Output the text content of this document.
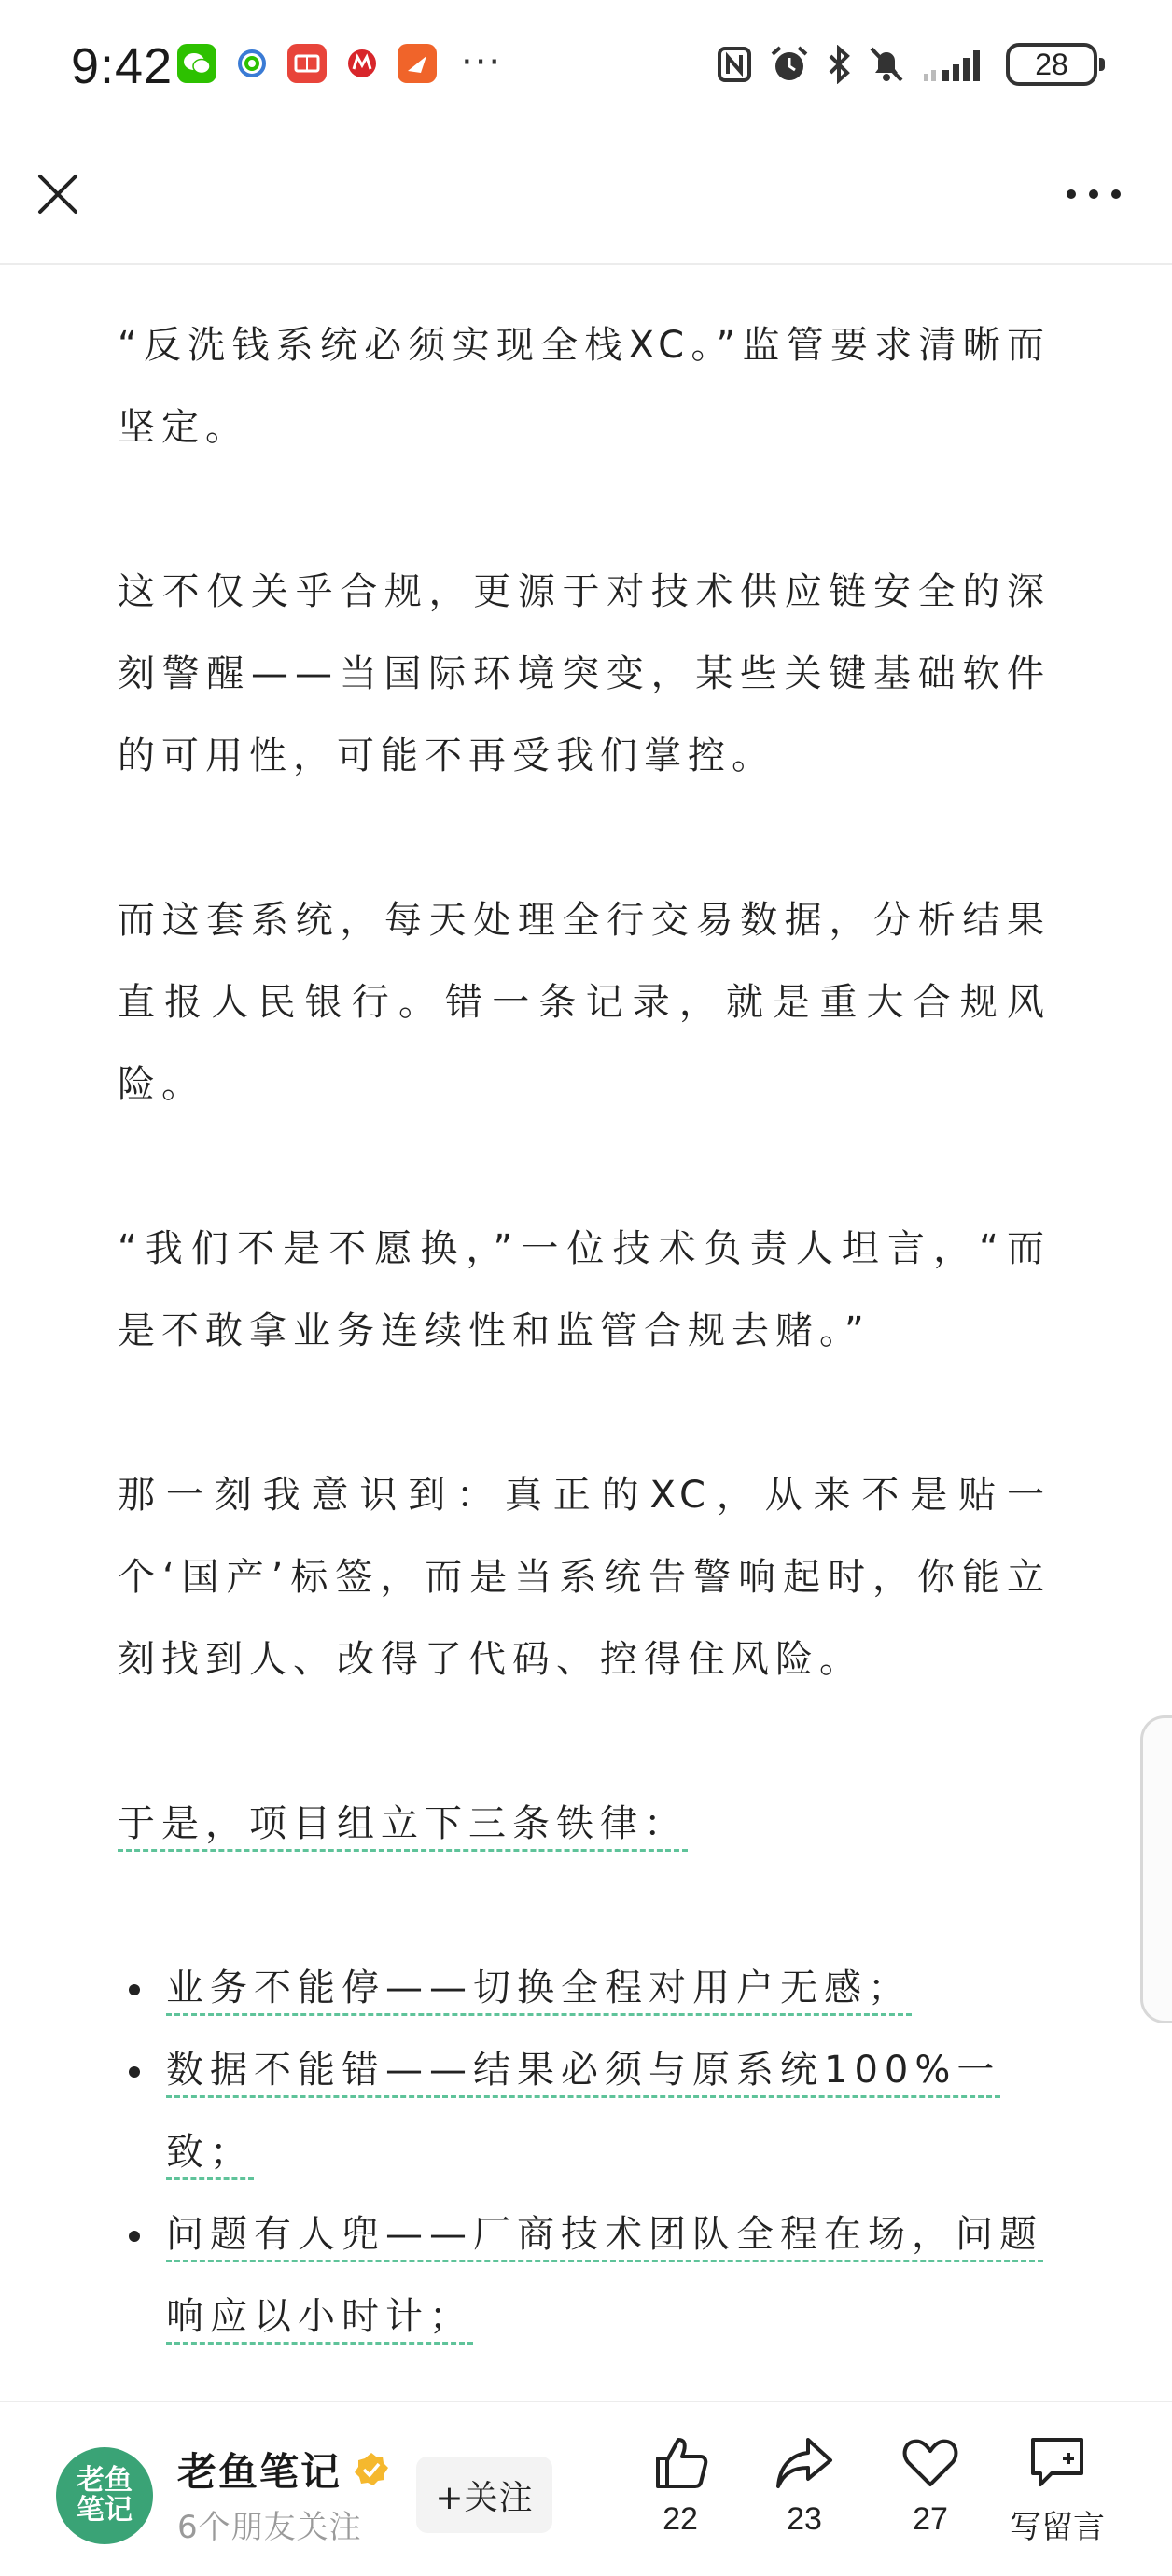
9:42	···	28

“反洗钱系统必须实现全栈XC。”监管要求清晰而坚定。

这不仅关乎合规，更源于对技术供应链安全的深刻警醒——当国际环境突变，某些关键基础软件的可用性，可能不再受我们掌控。

而这套系统，每天处理全行交易数据，分析结果直报人民银行。错一条记录，就是重大合规风险。

“我们不是不愿换，”一位技术负责人坦言，“而是不敢拿业务连续性和监管合规去赌。”

那一刻我意识到：真正的XC，从来不是贴一个‘国产’标签，而是当系统告警响起时，你能立刻找到人、改得了代码、控得住风险。

于是，项目组立下三条铁律：

业务不能停——切换全程对用户无感；
数据不能错——结果必须与原系统100%一致；
问题有人兜——厂商技术团队全程在场，问题响应以小时计；
老鱼笔记
老鱼笔记
6个朋友关注
+关注
22	23	27 写留言
